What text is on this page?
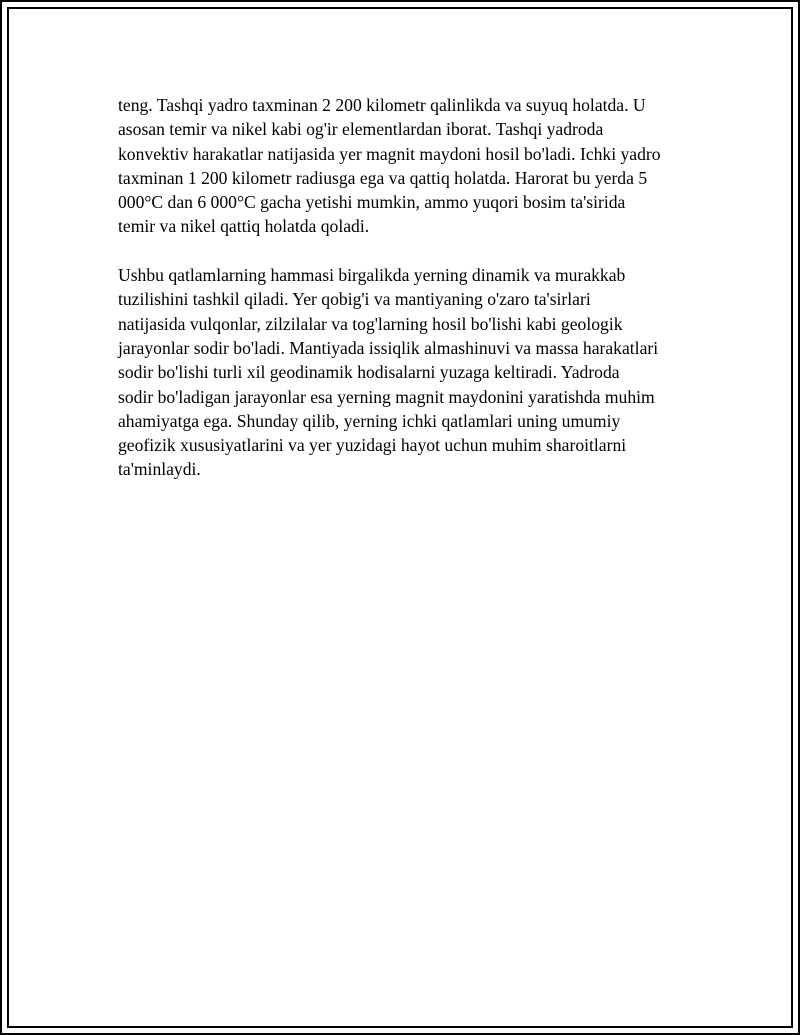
teng. Tashqi yadro taxminan 2 200 kilometr qalinlikda va suyuq holatda. U
asosan temir va nikel kabi og'ir elementlardan iborat. Tashqi yadroda
konvektiv harakatlar natijasida yer magnit maydoni hosil bo'ladi. Ichki yadro
taxminan 1 200 kilometr radiusga ega va qattiq holatda. Harorat bu yerda 5
000°C dan 6 000°C gacha yetishi mumkin, ammo yuqori bosim ta'sirida
temir va nikel qattiq holatda qoladi.

Ushbu qatlamlarning hammasi birgalikda yerning dinamik va murakkab
tuzilishini tashkil qiladi. Yer qobig'i va mantiyaning o'zaro ta'sirlari
natijasida vulqonlar, zilzilalar va tog'larning hosil bo'lishi kabi geologik
jarayonlar sodir bo'ladi. Mantiyada issiqlik almashinuvi va massa harakatlari
sodir bo'lishi turli xil geodinamik hodisalarni yuzaga keltiradi. Yadroda
sodir bo'ladigan jarayonlar esa yerning magnit maydonini yaratishda muhim
ahamiyatga ega. Shunday qilib, yerning ichki qatlamlari uning umumiy
geofizik xususiyatlarini va yer yuzidagi hayot uchun muhim sharoitlarni
ta'minlaydi.
